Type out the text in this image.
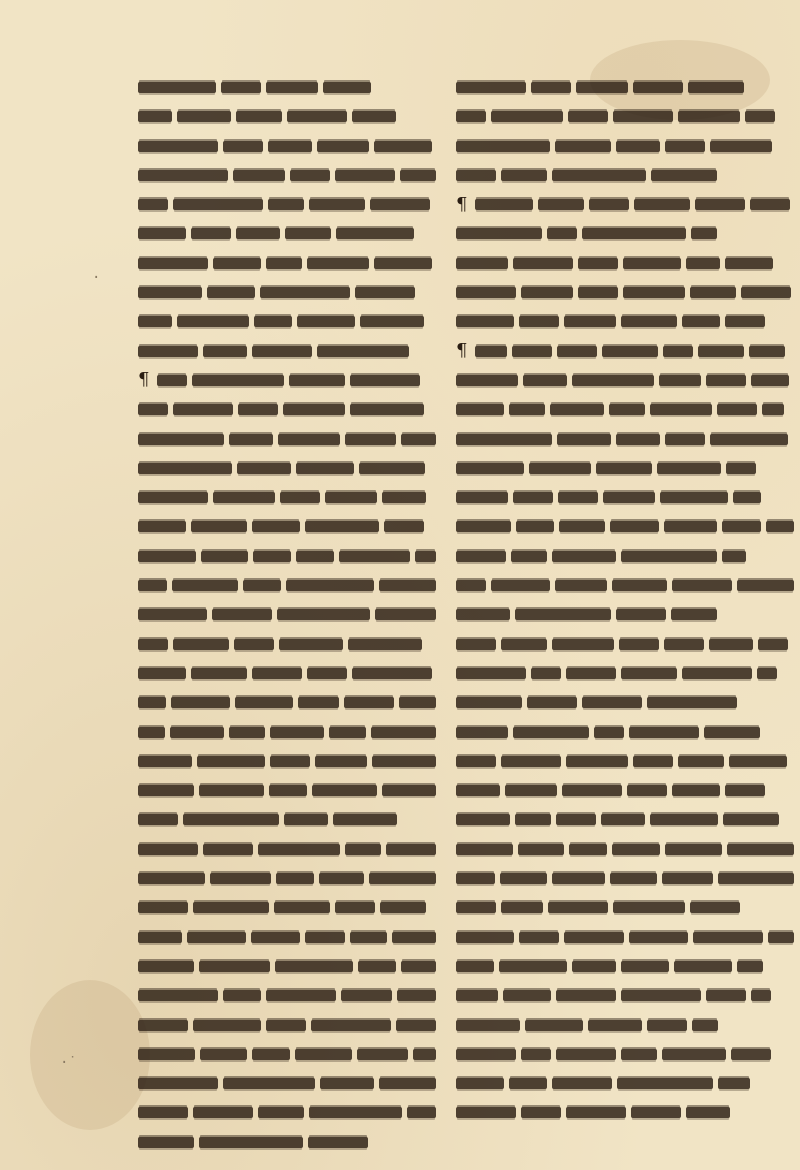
·
·˙
¶
¶
¶
